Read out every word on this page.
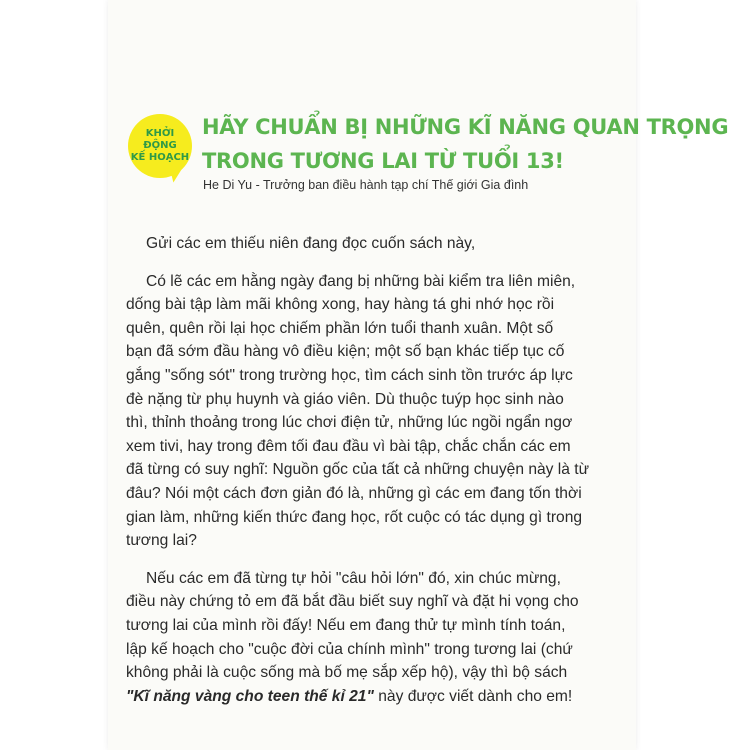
KHỞI ĐỘNG
KẾ HOẠCH
HÃY CHUẨN BỊ NHỮNG KĨ NĂNG QUAN TRỌNG
TRONG TƯƠNG LAI TỪ TUỔI 13!
He Di Yu - Trưởng ban điều hành tạp chí Thế giới Gia đình
Gửi các em thiếu niên đang đọc cuốn sách này,
Có lẽ các em hằng ngày đang bị những bài kiểm tra liên miên,
dống bài tập làm mãi không xong, hay hàng tá ghi nhớ học rồi
quên, quên rồi lại học chiếm phần lớn tuổi thanh xuân. Một số
bạn đã sớm đầu hàng vô điều kiện; một số bạn khác tiếp tục cố
gắng "sống sót" trong trường học, tìm cách sinh tồn trước áp lực
đè nặng từ phụ huynh và giáo viên. Dù thuộc tuýp học sinh nào
thì, thỉnh thoảng trong lúc chơi điện tử, những lúc ngồi ngẩn ngơ
xem tivi, hay trong đêm tối đau đầu vì bài tập, chắc chắn các em
đã từng có suy nghĩ: Nguồn gốc của tất cả những chuyện này là từ
đâu? Nói một cách đơn giản đó là, những gì các em đang tốn thời
gian làm, những kiến thức đang học, rốt cuộc có tác dụng gì trong
tương lai?
Nếu các em đã từng tự hỏi "câu hỏi lớn" đó, xin chúc mừng,
điều này chứng tỏ em đã bắt đầu biết suy nghĩ và đặt hi vọng cho
tương lai của mình rồi đấy! Nếu em đang thử tự mình tính toán,
lập kế hoạch cho "cuộc đời của chính mình" trong tương lai (chứ
không phải là cuộc sống mà bố mẹ sắp xếp hộ), vậy thì bộ sách
"Kĩ năng vàng cho teen thế kỉ 21" này được viết dành cho em!
